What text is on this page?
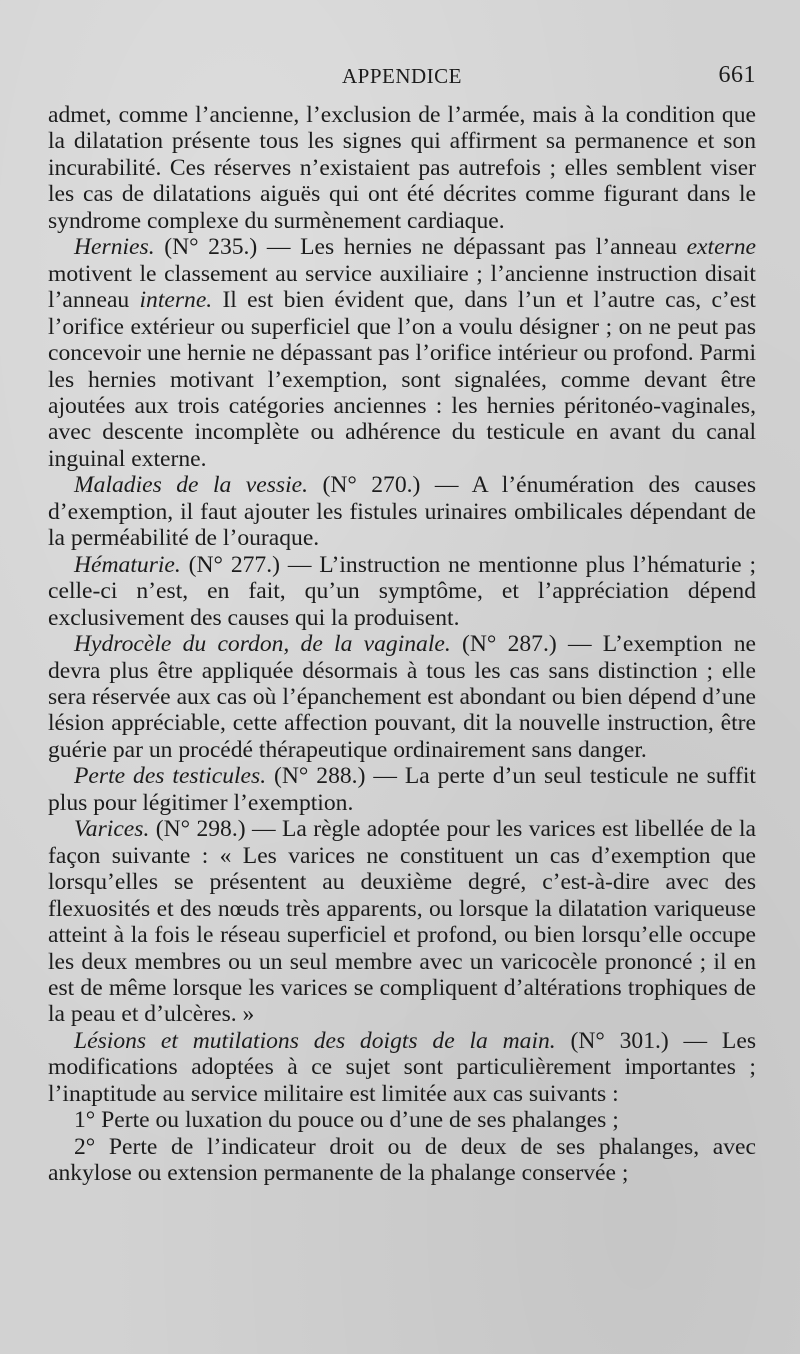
APPENDICE	661

admet, comme l’ancienne, l’exclusion de l’armée, mais à la condition que la dilatation présente tous les signes qui affirment sa permanence et son incurabilité. Ces réserves n’existaient pas autrefois ; elles semblent viser les cas de dilatations aiguës qui ont été décrites comme figurant dans le syndrome complexe du surmènement cardiaque.

Hernies. (N° 235.) — Les hernies ne dépassant pas l’anneau externe motivent le classement au service auxiliaire ; l’ancienne instruction disait l’anneau interne. Il est bien évident que, dans l’un et l’autre cas, c’est l’orifice extérieur ou superficiel que l’on a voulu désigner ; on ne peut pas concevoir une hernie ne dépassant pas l’orifice intérieur ou profond. Parmi les hernies motivant l’exemption, sont signalées, comme devant être ajoutées aux trois catégories anciennes : les hernies péritonéo-vaginales, avec descente incomplète ou adhérence du testicule en avant du canal inguinal externe.

Maladies de la vessie. (N° 270.) — A l’énumération des causes d’exemption, il faut ajouter les fistules urinaires ombilicales dépendant de la perméabilité de l’ouraque.

Hématurie. (N° 277.) — L’instruction ne mentionne plus l’hématurie ; celle-ci n’est, en fait, qu’un symptôme, et l’appréciation dépend exclusivement des causes qui la produisent.

Hydrocèle du cordon, de la vaginale. (N° 287.) — L’exemption ne devra plus être appliquée désormais à tous les cas sans distinction ; elle sera réservée aux cas où l’épanchement est abondant ou bien dépend d’une lésion appréciable, cette affection pouvant, dit la nouvelle instruction, être guérie par un procédé thérapeutique ordinairement sans danger.

Perte des testicules. (N° 288.) — La perte d’un seul testicule ne suffit plus pour légitimer l’exemption.

Varices. (N° 298.) — La règle adoptée pour les varices est libellée de la façon suivante : « Les varices ne constituent un cas d’exemption que lorsqu’elles se présentent au deuxième degré, c’est-à-dire avec des flexuosités et des nœuds très apparents, ou lorsque la dilatation variqueuse atteint à la fois le réseau superficiel et profond, ou bien lorsqu’elle occupe les deux membres ou un seul membre avec un varicocèle prononcé ; il en est de même lorsque les varices se compliquent d’altérations trophiques de la peau et d’ulcères. »

Lésions et mutilations des doigts de la main. (N° 301.) — Les modifications adoptées à ce sujet sont particulièrement importantes ; l’inaptitude au service militaire est limitée aux cas suivants :

1° Perte ou luxation du pouce ou d’une de ses phalanges ;

2° Perte de l’indicateur droit ou de deux de ses phalanges, avec ankylose ou extension permanente de la phalange conservée ;
